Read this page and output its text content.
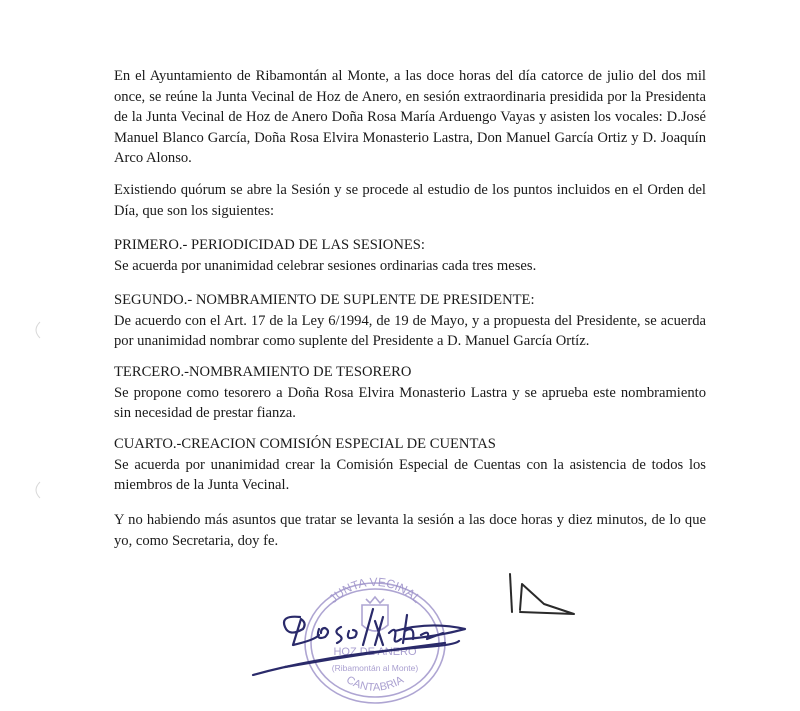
En el Ayuntamiento de Ribamontán al Monte, a las doce horas del día catorce de julio del dos mil once, se reúne la Junta Vecinal de Hoz de Anero, en sesión extraordinaria presidida por la Presidenta de la Junta Vecinal de Hoz de Anero Doña Rosa María Arduengo Vayas y asisten los vocales: D.José Manuel Blanco García, Doña Rosa Elvira Monasterio Lastra, Don Manuel García Ortiz y D. Joaquín Arco Alonso.

Existiendo quórum se abre la Sesión y se procede al estudio de los puntos incluidos en el Orden del Día, que son los siguientes:

PRIMERO.- PERIODICIDAD DE LAS SESIONES:

Se acuerda por unanimidad celebrar sesiones ordinarias cada tres meses.

SEGUNDO.- NOMBRAMIENTO DE SUPLENTE DE PRESIDENTE:

De acuerdo con el Art. 17 de la Ley 6/1994, de 19 de Mayo, y a propuesta del Presidente, se acuerda por unanimidad nombrar como suplente del Presidente a D. Manuel García Ortíz.

TERCERO.-NOMBRAMIENTO DE TESORERO

Se propone como tesorero a Doña Rosa Elvira Monasterio Lastra y se aprueba este nombramiento sin necesidad de prestar fianza.

CUARTO.-CREACION COMISIÓN ESPECIAL DE CUENTAS

Se acuerda por unanimidad crear la Comisión Especial de Cuentas con la asistencia de todos los miembros de la Junta Vecinal.

Y no habiendo más asuntos que tratar se levanta la sesión a las doce horas y diez minutos, de lo que yo, como Secretaria, doy fe.

JUNTA VECINAL
HOZ DE ANERO
(Ribamontán al Monte)
CANTABRIA
